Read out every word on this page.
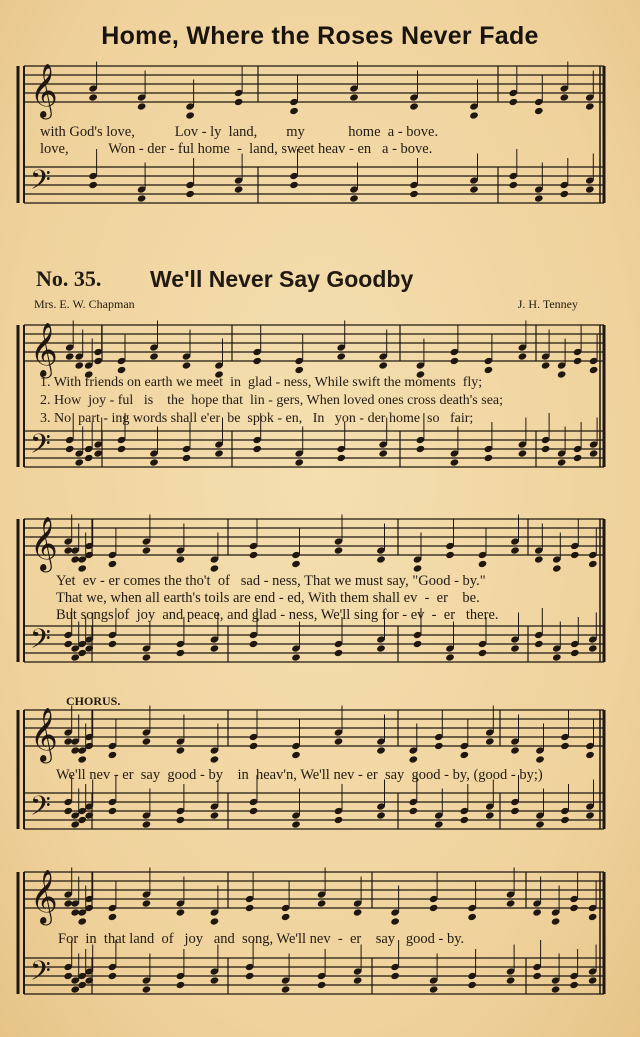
𝄞
𝄢
𝄞
𝄢
𝄞
𝄢
𝄞
𝄢
𝄞
𝄢
Home, Where the Roses Never Fade
with God's love,           Lov - ly  land,        my            home  a - bove.
love,           Won - der - ful home  -  land, sweet heav - en   a - bove.
No. 35. We'll Never Say Goodby
Mrs. E. W. Chapman	J. H. Tenney
1. With friends on earth we meet  in  glad - ness, While swift the moments  fly;
2. How  joy - ful   is    the  hope that  lin - gers, When loved ones cross death's sea;
3. No  part - ing words shall e'er  be  spok - en,   In   yon - der home  so   fair;
Yet  ev - er comes the tho't  of   sad - ness, That we must say, "Good - by."
That we, when all earth's toils are end - ed, With them shall ev  -  er    be.
But songs of  joy  and peace, and glad - ness, We'll sing for - ev  -  er   there.
CHORUS.
We'll nev - er  say  good - by    in  heav'n, We'll nev - er  say  good - by, (good - by;)
For  in  that land  of   joy   and  song, We'll nev  -  er    say   good - by.
